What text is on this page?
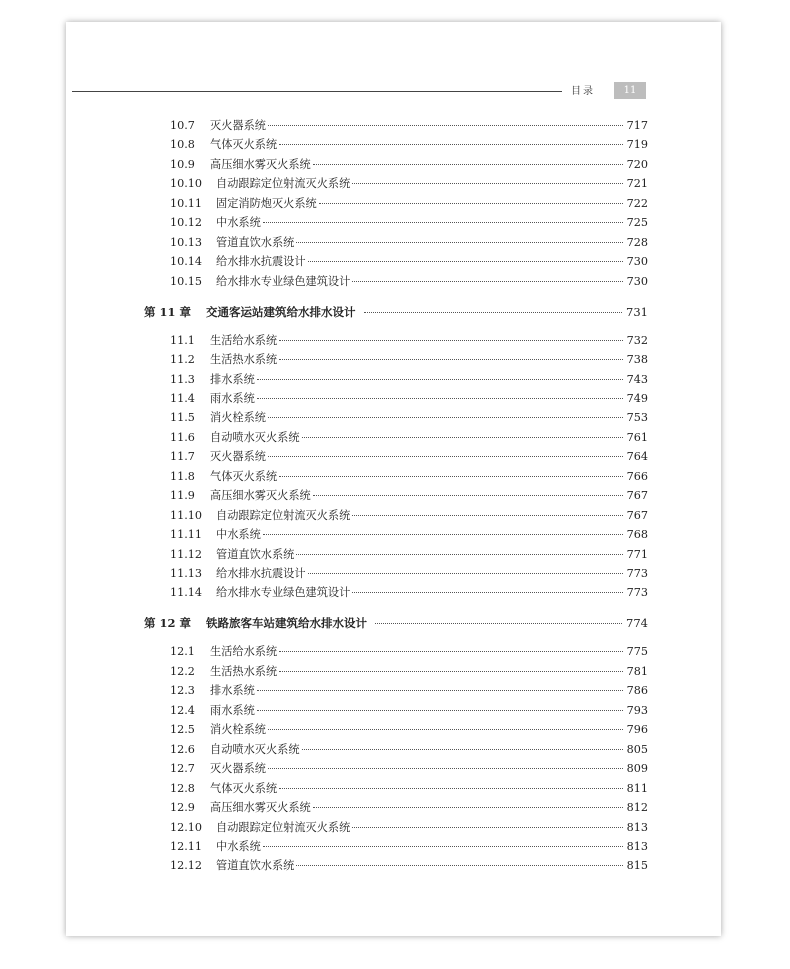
目录	11
10.7	灭火器系统	717
10.8	气体灭火系统	719
10.9	高压细水雾灭火系统	720
10.10	自动跟踪定位射流灭火系统	721
10.11	固定消防炮灭火系统	722
10.12	中水系统	725
10.13	管道直饮水系统	728
10.14	给水排水抗震设计	730
10.15	给水排水专业绿色建筑设计	730
第 11 章	交通客运站建筑给水排水设计	731
11.1	生活给水系统	732
11.2	生活热水系统	738
11.3	排水系统	743
11.4	雨水系统	749
11.5	消火栓系统	753
11.6	自动喷水灭火系统	761
11.7	灭火器系统	764
11.8	气体灭火系统	766
11.9	高压细水雾灭火系统	767
11.10	自动跟踪定位射流灭火系统	767
11.11	中水系统	768
11.12	管道直饮水系统	771
11.13	给水排水抗震设计	773
11.14	给水排水专业绿色建筑设计	773
第 12 章	铁路旅客车站建筑给水排水设计	774
12.1	生活给水系统	775
12.2	生活热水系统	781
12.3	排水系统	786
12.4	雨水系统	793
12.5	消火栓系统	796
12.6	自动喷水灭火系统	805
12.7	灭火器系统	809
12.8	气体灭火系统	811
12.9	高压细水雾灭火系统	812
12.10	自动跟踪定位射流灭火系统	813
12.11	中水系统	813
12.12	管道直饮水系统	815
